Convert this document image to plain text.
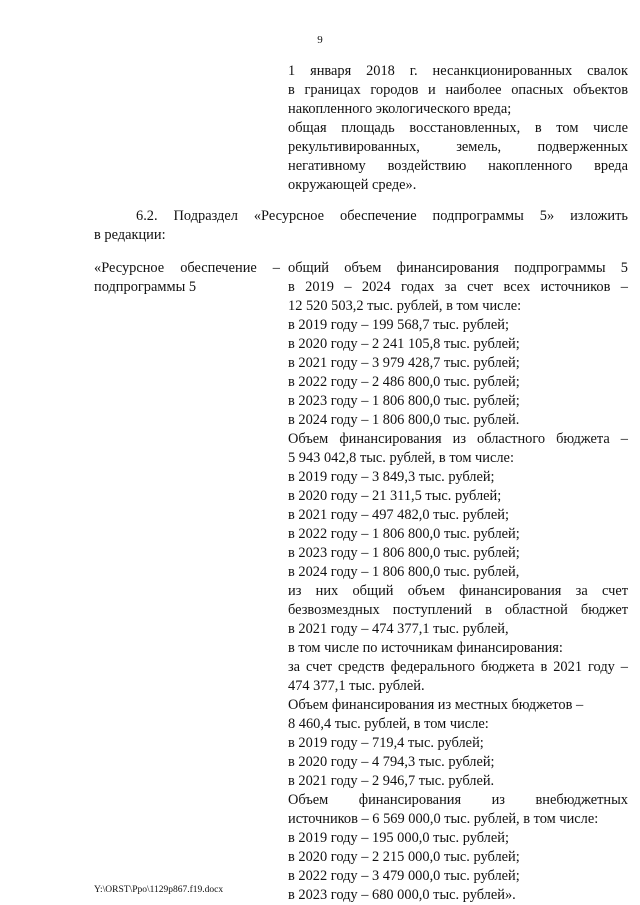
9

1 января 2018 г. несанкционированных свалок

в границах городов и наиболее опасных объектов

накопленного экологического вреда;

общая площадь восстановленных, в том числе

рекультивированных, земель, подверженных

негативному воздействию накопленного вреда

окружающей среде».

6.2. Подраздел «Ресурсное обеспечение подпрограммы 5» изложить

в редакции:

«Ресурсное обеспечение –

подпрограммы 5

общий объем финансирования подпрограммы 5

в 2019 – 2024 годах за счет всех источников –

12 520 503,2 тыс. рублей, в том числе:

в 2019 году – 199 568,7 тыс. рублей;

в 2020 году – 2 241 105,8 тыс. рублей;

в 2021 году – 3 979 428,7 тыс. рублей;

в 2022 году – 2 486 800,0 тыс. рублей;

в 2023 году – 1 806 800,0 тыс. рублей;

в 2024 году – 1 806 800,0 тыс. рублей.

Объем финансирования из областного бюджета –

5 943 042,8 тыс. рублей, в том числе:

в 2019 году – 3 849,3 тыс. рублей;

в 2020 году – 21 311,5 тыс. рублей;

в 2021 году – 497 482,0 тыс. рублей;

в 2022 году – 1 806 800,0 тыс. рублей;

в 2023 году – 1 806 800,0 тыс. рублей;

в 2024 году – 1 806 800,0 тыс. рублей,

из них общий объем финансирования за счет

безвозмездных поступлений в областной бюджет

в 2021 году – 474 377,1 тыс. рублей,

в том числе по источникам финансирования:

за счет средств федерального бюджета в 2021 году –

474 377,1 тыс. рублей.

Объем финансирования из местных бюджетов –

8 460,4 тыс. рублей, в том числе:

в 2019 году – 719,4 тыс. рублей;

в 2020 году – 4 794,3 тыс. рублей;

в 2021 году – 2 946,7 тыс. рублей.

Объем финансирования из внебюджетных

источников – 6 569 000,0 тыс. рублей, в том числе:

в 2019 году – 195 000,0 тыс. рублей;

в 2020 году – 2 215 000,0 тыс. рублей;

в 2022 году – 3 479 000,0 тыс. рублей;

в 2023 году – 680 000,0 тыс. рублей».

Y:\ORST\Ppo\1129p867.f19.docx
